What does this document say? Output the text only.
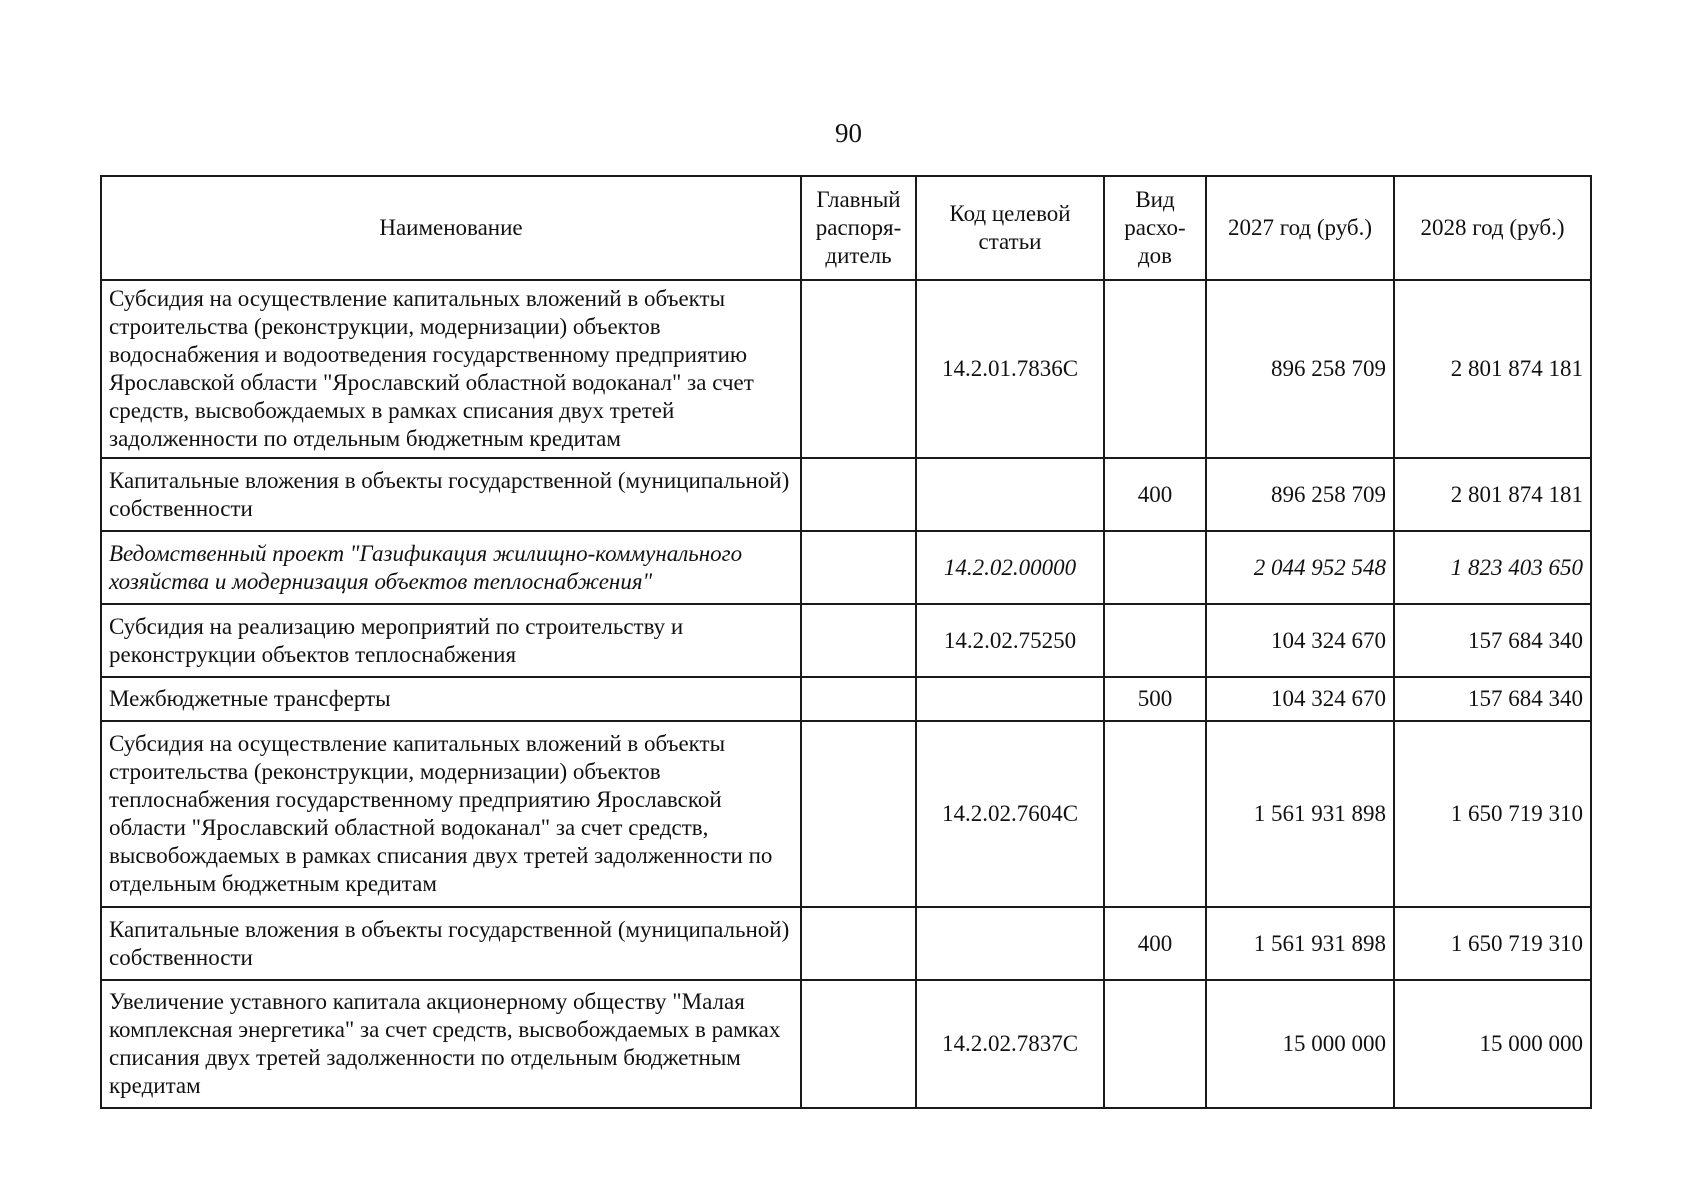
90
Наименование	Главный распоря-дитель	Код целевой статьи	Вид расхо-дов	2027 год (руб.)	2028 год (руб.)
Субсидия на осуществление капитальных вложений в объекты строительства (реконструкции, модернизации) объектов водоснабжения и водоотведения государственному предприятию Ярославской области "Ярославский областной водоканал" за счет средств, высвобождаемых в рамках списания двух третей задолженности по отдельным бюджетным кредитам		14.2.01.7836С		896 258 709	2 801 874 181
Капитальные вложения в объекты государственной (муниципальной) собственности			400	896 258 709	2 801 874 181
Ведомственный проект "Газификация жилищно-коммунального хозяйства и модернизация объектов теплоснабжения"		14.2.02.00000		2 044 952 548	1 823 403 650
Субсидия на реализацию мероприятий по строительству и реконструкции объектов теплоснабжения		14.2.02.75250		104 324 670	157 684 340
Межбюджетные трансферты			500	104 324 670	157 684 340
Субсидия на осуществление капитальных вложений в объекты строительства (реконструкции, модернизации) объектов теплоснабжения государственному предприятию Ярославской области "Ярославский областной водоканал" за счет средств, высвобождаемых в рамках списания двух третей задолженности по отдельным бюджетным кредитам		14.2.02.7604С		1 561 931 898	1 650 719 310
Капитальные вложения в объекты государственной (муниципальной) собственности			400	1 561 931 898	1 650 719 310
Увеличение уставного капитала акционерному обществу "Малая комплексная энергетика" за счет средств, высвобождаемых в рамках списания двух третей задолженности по отдельным бюджетным кредитам		14.2.02.7837С		15 000 000	15 000 000
